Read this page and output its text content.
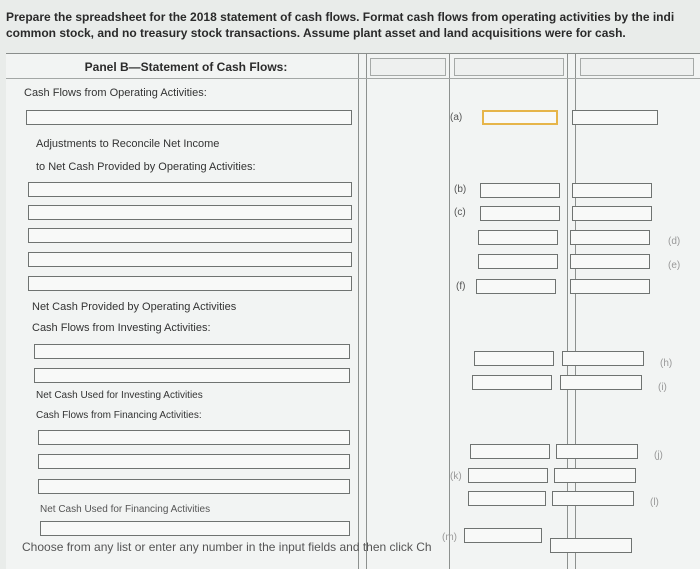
Prepare the spreadsheet for the 2018 statement of cash flows. Format cash flows from operating activities by the indi
common stock, and no treasury stock transactions. Assume plant asset and land acquisitions were for cash.
Panel B—Statement of Cash Flows:
Cash Flows from Operating Activities:
(a)
Adjustments to Reconcile Net Income
to Net Cash Provided by Operating Activities:
(b)
(c)
(d)
(e)
(f)
Net Cash Provided by Operating Activities
Cash Flows from Investing Activities:
(h)
(i)
Net Cash Used for Investing Activities
Cash Flows from Financing Activities:
(j)
(k)
(l)
Net Cash Used for Financing Activities
(m)
Choose from any list or enter any number in the input fields and then click Ch
